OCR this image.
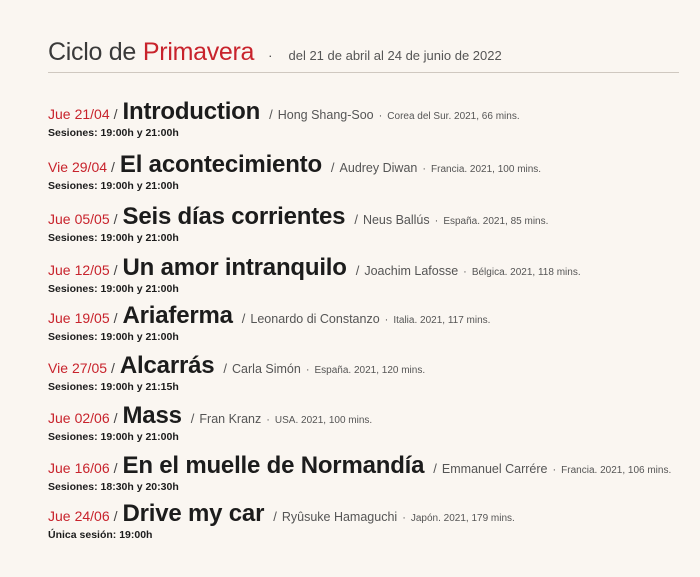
Ciclo de Primavera · del 21 de abril al 24 de junio de 2022
Jue 21/04 / Introduction / Hong Shang-Soo · Corea del Sur. 2021, 66 mins.
Sesiones: 19:00h y 21:00h
Vie 29/04 / El acontecimiento / Audrey Diwan · Francia. 2021, 100 mins.
Sesiones: 19:00h y 21:00h
Jue 05/05 / Seis días corrientes / Neus Ballús · España. 2021, 85 mins.
Sesiones: 19:00h y 21:00h
Jue 12/05 / Un amor intranquilo / Joachim Lafosse · Bélgica. 2021, 118 mins.
Sesiones: 19:00h y 21:00h
Jue 19/05 / Ariaferma / Leonardo di Constanzo · Italia. 2021, 117 mins.
Sesiones: 19:00h y 21:00h
Vie 27/05 / Alcarrás / Carla Simón · España. 2021, 120 mins.
Sesiones: 19:00h y 21:15h
Jue 02/06 / Mass / Fran Kranz · USA. 2021, 100 mins.
Sesiones: 19:00h y 21:00h
Jue 16/06 / En el muelle de Normandía / Emmanuel Carrére · Francia. 2021, 106 mins.
Sesiones: 18:30h y 20:30h
Jue 24/06 / Drive my car / Ryûsuke Hamaguchi · Japón. 2021, 179 mins.
Única sesión: 19:00h
